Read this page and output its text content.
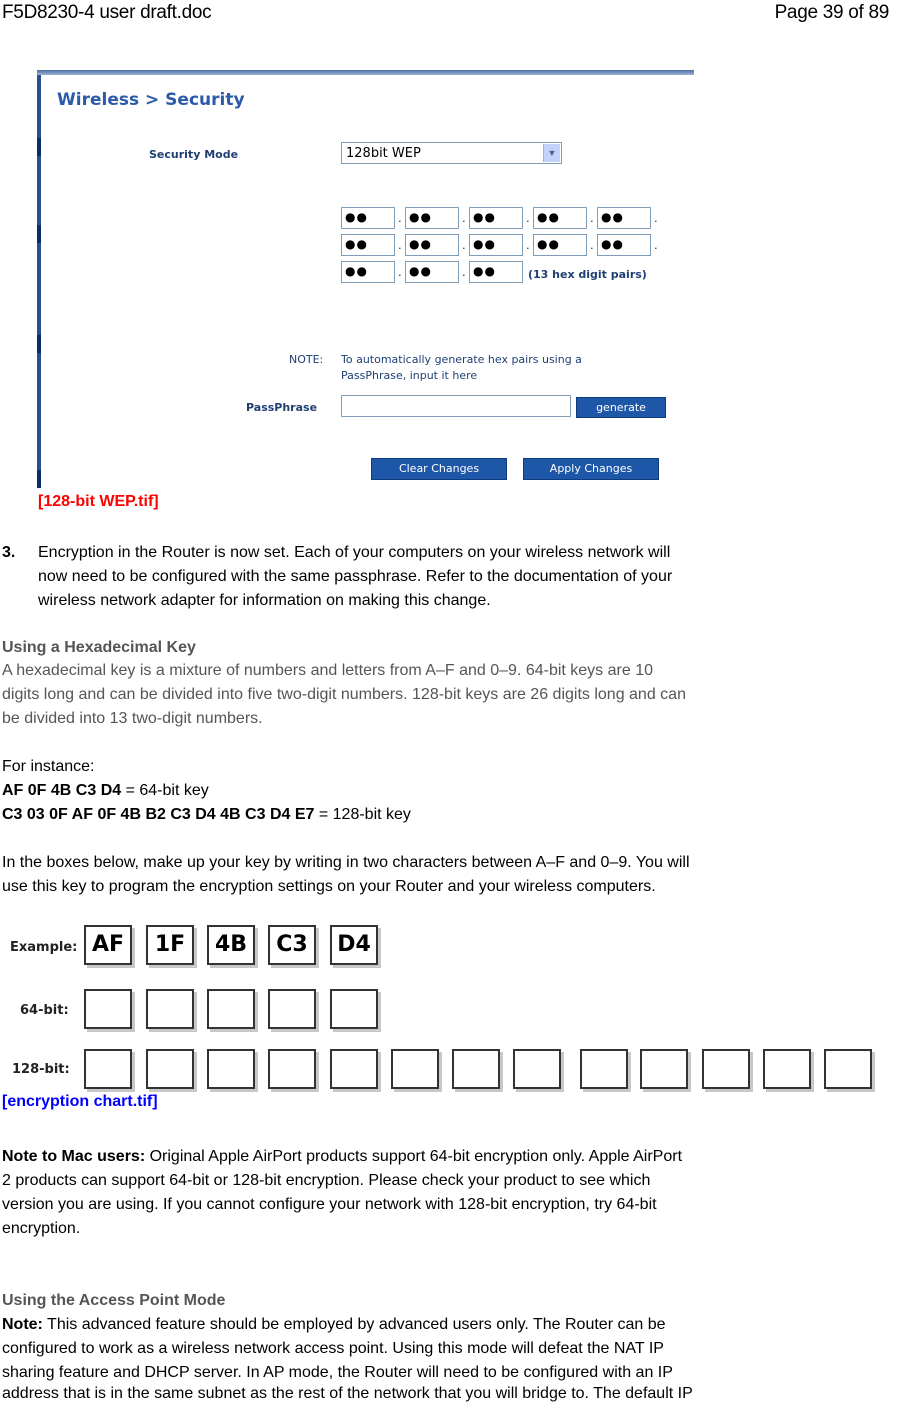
F5D8230-4 user draft.doc	Page 39 of 89
Wireless > Security
Security Mode	128bit WEP	▼
●●	. ●●	. ●●	. ●●	. ●●	.
●●	. ●●	. ●●	. ●●	. ●●	.
●●	. ●●	. ●●	(13 hex digit pairs)
NOTE: To automatically generate hex pairs using a
PassPhrase, input it here
PassPhrase	generate
Clear Changes	Apply Changes
[128-bit WEP.tif]

3. Encryption in the Router is now set. Each of your computers on your wireless network will

now need to be configured with the same passphrase. Refer to the documentation of your

wireless network adapter for information on making this change.

Using a Hexadecimal Key

A hexadecimal key is a mixture of numbers and letters from A–F and 0–9. 64-bit keys are 10

digits long and can be divided into five two-digit numbers. 128-bit keys are 26 digits long and can

be divided into 13 two-digit numbers.

For instance:

AF 0F 4B C3 D4 = 64-bit key

C3 03 0F AF 0F 4B B2 C3 D4 4B C3 D4 E7 = 128-bit key

In the boxes below, make up your key by writing in two characters between A–F and 0–9. You will

use this key to program the encryption settings on your Router and your wireless computers.

Example: AF	1F	4B	C3	D4
64-bit:
128-bit:
[encryption chart.tif]

Note to Mac users: Original Apple AirPort products support 64-bit encryption only. Apple AirPort

2 products can support 64-bit or 128-bit encryption. Please check your product to see which

version you are using. If you cannot configure your network with 128-bit encryption, try 64-bit

encryption.

Using the Access Point Mode

Note: This advanced feature should be employed by advanced users only. The Router can be

configured to work as a wireless network access point. Using this mode will defeat the NAT IP

sharing feature and DHCP server. In AP mode, the Router will need to be configured with an IP

address that is in the same subnet as the rest of the network that you will bridge to. The default IP
